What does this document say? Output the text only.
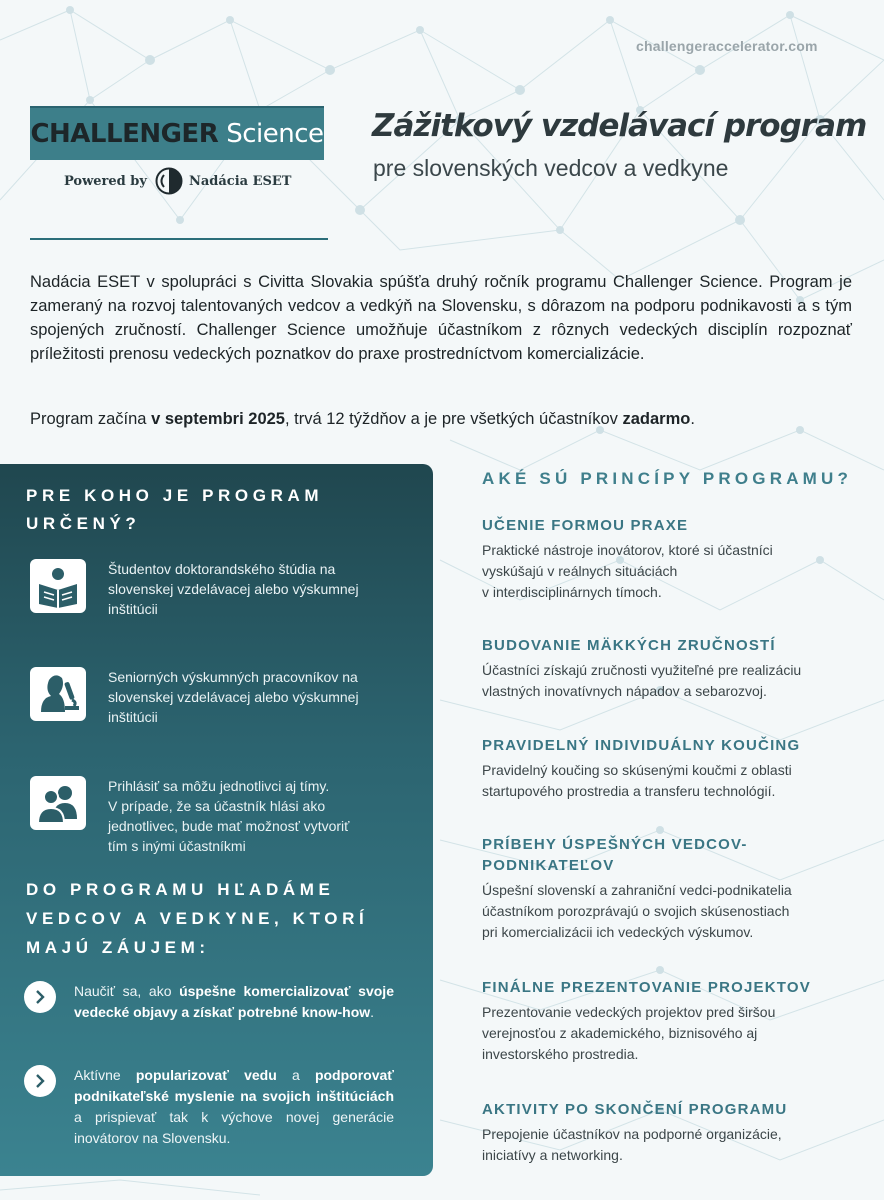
challengeraccelerator.com
CHALLENGER Science
Powered by	Nadácia ESET
Zážitkový vzdelávací program
pre slovenských vedcov a vedkyne

Nadácia ESET v spolupráci s Civitta Slovakia spúšťa druhý ročník programu Challenger Science. Program je zameraný na rozvoj talentovaných vedcov a vedkýň na Slovensku, s dôrazom na podporu podnikavosti a s tým spojených zručností. Challenger Science umožňuje účastníkom z rôznych vedeckých disciplín rozpoznať príležitosti prenosu vedeckých poznatkov do praxe prostredníctvom komercializácie.

Program začína v septembri 2025, trvá 12 týždňov a je pre všetkých účastníkov zadarmo.

PRE KOHO JE PROGRAM
URČENÝ?
Študentov doktorandského štúdia na
slovenskej vzdelávacej alebo výskumnej
inštitúcii
Seniorných výskumných pracovníkov na
slovenskej vzdelávacej alebo výskumnej
inštitúcii
Prihlásiť sa môžu jednotlivci aj tímy.
V prípade, že sa účastník hlási ako
jednotlivec, bude mať možnosť vytvoriť
tím s inými účastníkmi
DO PROGRAMU HĽADÁME
VEDCOV A VEDKYNE, KTORÍ
MAJÚ ZÁUJEM:
Naučiť sa, ako úspešne komercializovať svoje vedecké objavy a získať potrebné know-how.
Aktívne popularizovať vedu a podporovať podnikateľské myslenie na svojich inštitúciách a prispievať tak k výchove novej generácie inovátorov na Slovensku.
AKÉ SÚ PRINCÍPY PROGRAMU?
UČENIE FORMOU PRAXE
Praktické nástroje inovátorov, ktoré si účastníci
vyskúšajú v reálnych situáciách
v interdisciplinárnych tímoch.
BUDOVANIE MÄKKÝCH ZRUČNOSTÍ
Účastníci získajú zručnosti využiteľné pre realizáciu
vlastných inovatívnych nápadov a sebarozvoj.
PRAVIDELNÝ INDIVIDUÁLNY KOUČING
Pravidelný koučing so skúsenými koučmi z oblasti
startupového prostredia a transferu technológií.
PRÍBEHY ÚSPEŠNÝCH VEDCOV-
PODNIKATEĽOV
Úspešní slovenskí a zahraniční vedci-podnikatelia
účastníkom porozprávajú o svojich skúsenostiach
pri komercializácii ich vedeckých výskumov.
FINÁLNE PREZENTOVANIE PROJEKTOV
Prezentovanie vedeckých projektov pred širšou
verejnosťou z akademického, biznisového aj
investorského prostredia.
AKTIVITY PO SKONČENÍ PROGRAMU
Prepojenie účastníkov na podporné organizácie,
iniciatívy a networking.
